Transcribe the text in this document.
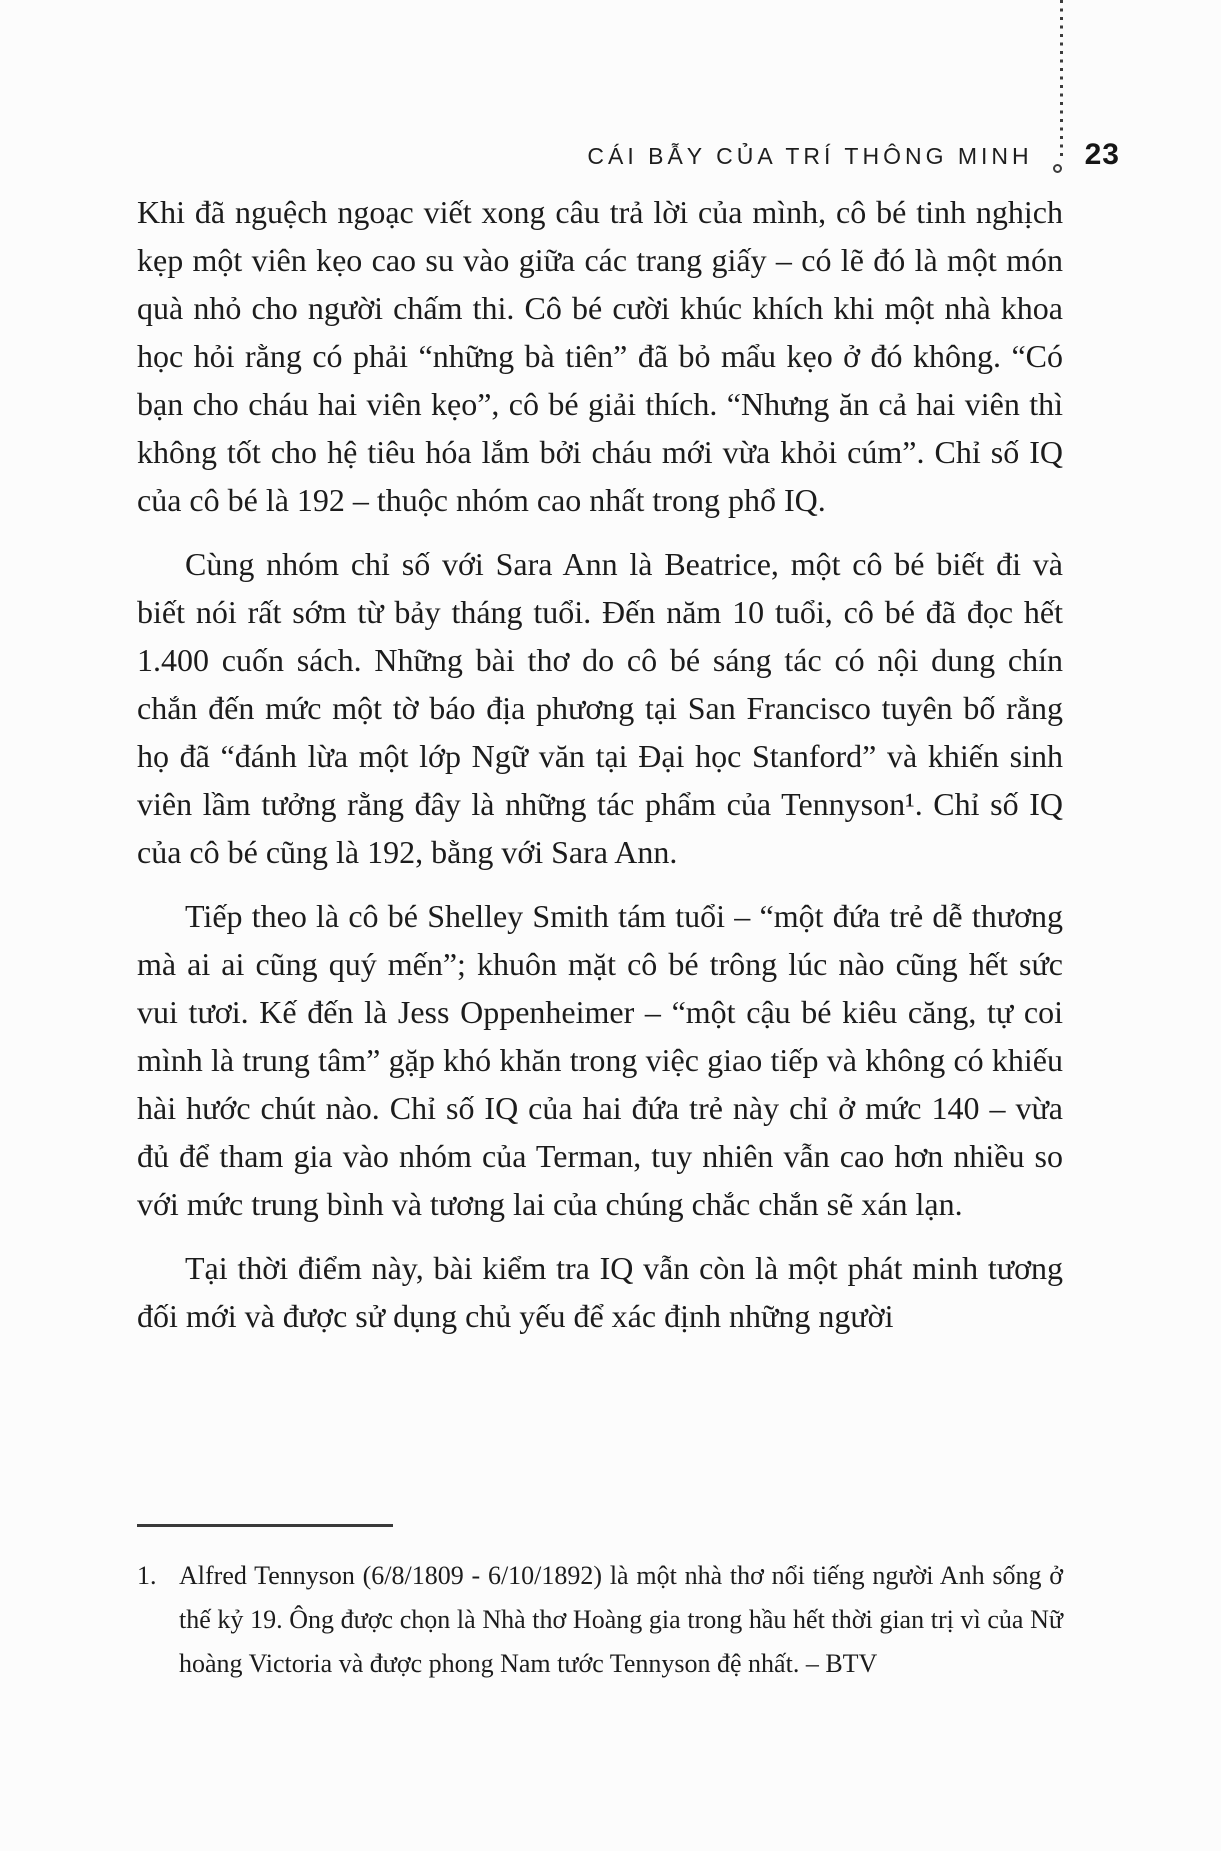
CÁI BẪY CỦA TRÍ THÔNG MINH 23

Khi đã nguệch ngoạc viết xong câu trả lời của mình, cô bé tinh nghịch kẹp một viên kẹo cao su vào giữa các trang giấy – có lẽ đó là một món quà nhỏ cho người chấm thi. Cô bé cười khúc khích khi một nhà khoa học hỏi rằng có phải “những bà tiên” đã bỏ mẩu kẹo ở đó không. “Có bạn cho cháu hai viên kẹo”, cô bé giải thích. “Nhưng ăn cả hai viên thì không tốt cho hệ tiêu hóa lắm bởi cháu mới vừa khỏi cúm”. Chỉ số IQ của cô bé là 192 – thuộc nhóm cao nhất trong phổ IQ.

Cùng nhóm chỉ số với Sara Ann là Beatrice, một cô bé biết đi và biết nói rất sớm từ bảy tháng tuổi. Đến năm 10 tuổi, cô bé đã đọc hết 1.400 cuốn sách. Những bài thơ do cô bé sáng tác có nội dung chín chắn đến mức một tờ báo địa phương tại San Francisco tuyên bố rằng họ đã “đánh lừa một lớp Ngữ văn tại Đại học Stanford” và khiến sinh viên lầm tưởng rằng đây là những tác phẩm của Tennyson¹. Chỉ số IQ của cô bé cũng là 192, bằng với Sara Ann.

Tiếp theo là cô bé Shelley Smith tám tuổi – “một đứa trẻ dễ thương mà ai ai cũng quý mến”; khuôn mặt cô bé trông lúc nào cũng hết sức vui tươi. Kế đến là Jess Oppenheimer – “một cậu bé kiêu căng, tự coi mình là trung tâm” gặp khó khăn trong việc giao tiếp và không có khiếu hài hước chút nào. Chỉ số IQ của hai đứa trẻ này chỉ ở mức 140 – vừa đủ để tham gia vào nhóm của Terman, tuy nhiên vẫn cao hơn nhiều so với mức trung bình và tương lai của chúng chắc chắn sẽ xán lạn.

Tại thời điểm này, bài kiểm tra IQ vẫn còn là một phát minh tương đối mới và được sử dụng chủ yếu để xác định những người

1. Alfred Tennyson (6/8/1809 - 6/10/1892) là một nhà thơ nổi tiếng người Anh sống ở thế kỷ 19. Ông được chọn là Nhà thơ Hoàng gia trong hầu hết thời gian trị vì của Nữ hoàng Victoria và được phong Nam tước Tennyson đệ nhất. – BTV
